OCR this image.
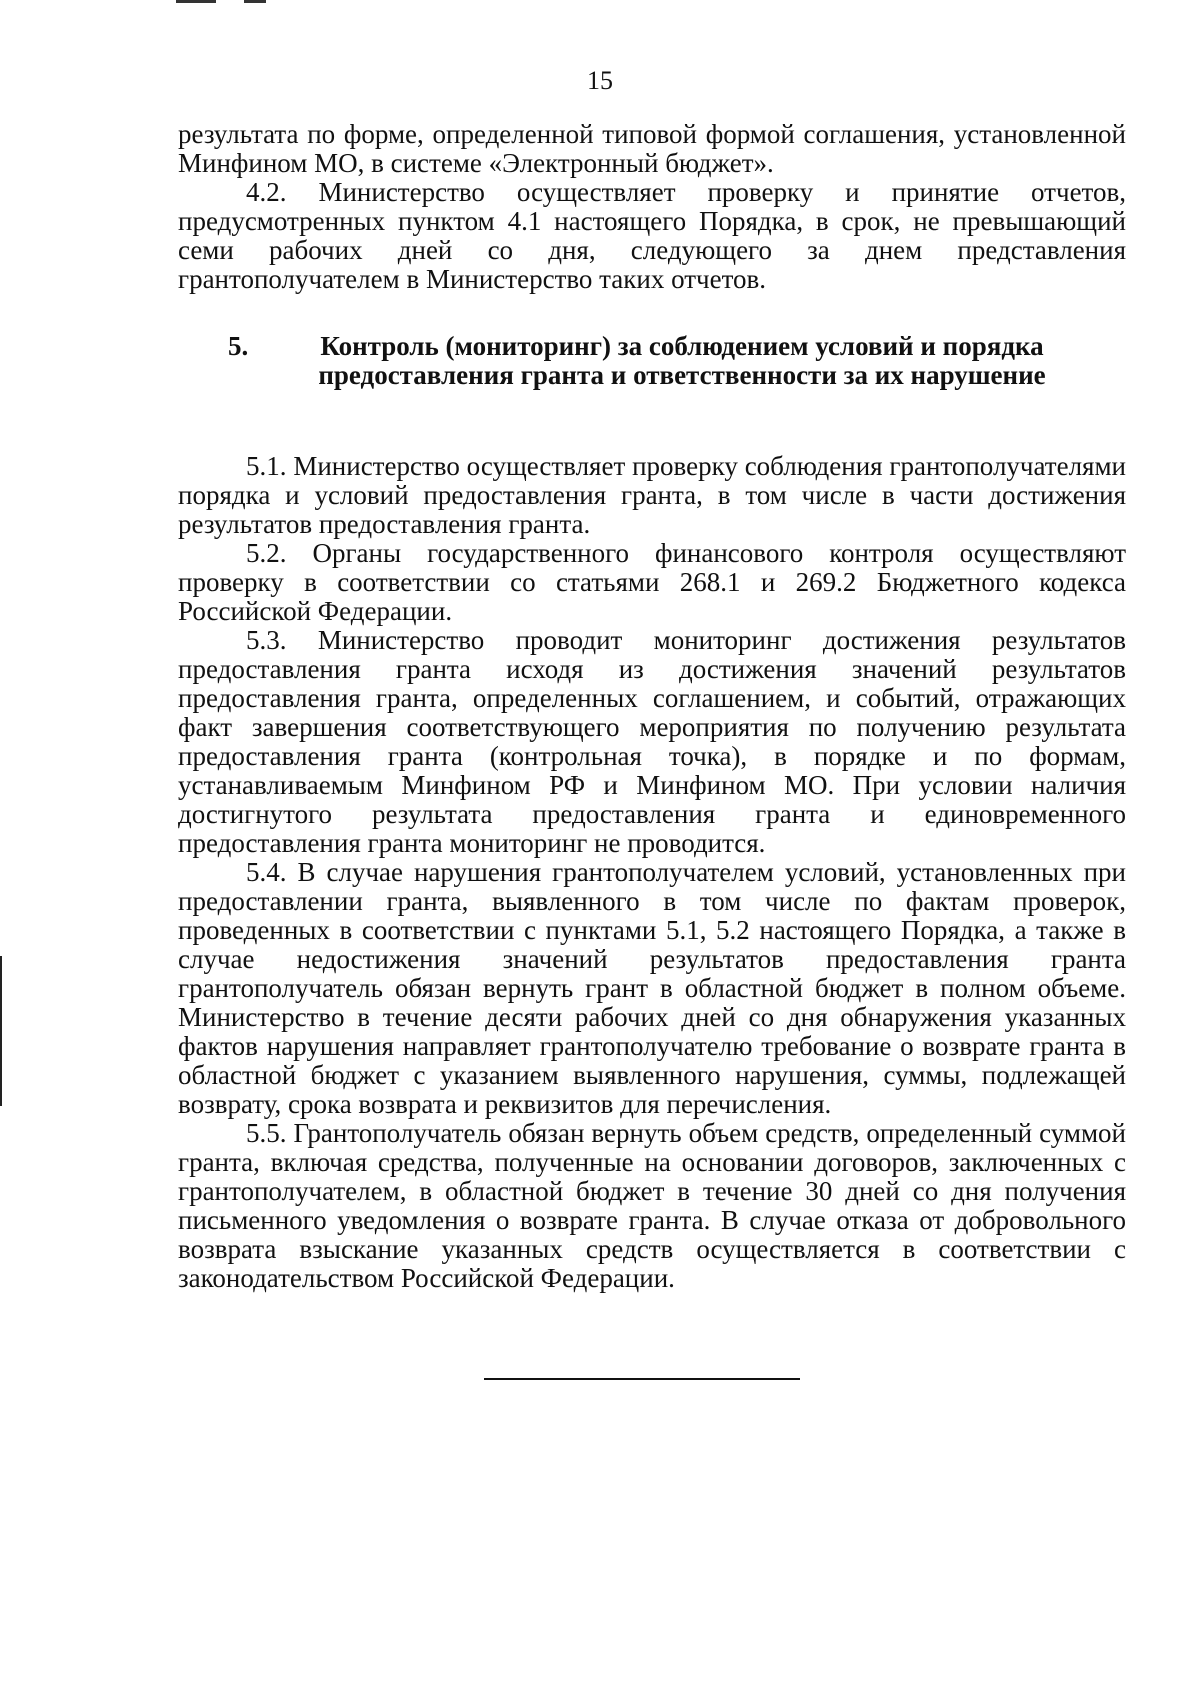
15

результата по форме, определенной типовой формой соглашения, установленной Минфином МО, в системе «Электронный бюджет».

4.2. Министерство осуществляет проверку и принятие отчетов, предусмотренных пунктом 4.1 настоящего Порядка, в срок, не превышающий семи рабочих дней со дня, следующего за днем представления грантополучателем в Министерство таких отчетов.

5.	Контроль (мониторинг) за соблюдением условий и порядка предоставления гранта и ответственности за их нарушение

5.1. Министерство осуществляет проверку соблюдения грантополучателями порядка и условий предоставления гранта, в том числе в части достижения результатов предоставления гранта.

5.2. Органы государственного финансового контроля осуществляют проверку в соответствии со статьями 268.1 и 269.2 Бюджетного кодекса Российской Федерации.

5.3. Министерство проводит мониторинг достижения результатов предоставления гранта исходя из достижения значений результатов предоставления гранта, определенных соглашением, и событий, отражающих факт завершения соответствующего мероприятия по получению результата предоставления гранта (контрольная точка), в порядке и по формам, устанавливаемым Минфином РФ и Минфином МО. При условии наличия достигнутого результата предоставления гранта и единовременного предоставления гранта мониторинг не проводится.

5.4. В случае нарушения грантополучателем условий, установленных при предоставлении гранта, выявленного в том числе по фактам проверок, проведенных в соответствии с пунктами 5.1, 5.2 настоящего Порядка, а также в случае недостижения значений результатов предоставления гранта грантополучатель обязан вернуть грант в областной бюджет в полном объеме. Министерство в течение десяти рабочих дней со дня обнаружения указанных фактов нарушения направляет грантополучателю требование о возврате гранта в областной бюджет с указанием выявленного нарушения, суммы, подлежащей возврату, срока возврата и реквизитов для перечисления.

5.5. Грантополучатель обязан вернуть объем средств, определенный суммой гранта, включая средства, полученные на основании договоров, заключенных с грантополучателем, в областной бюджет в течение 30 дней со дня получения письменного уведомления о возврате гранта. В случае отказа от добровольного возврата взыскание указанных средств осуществляется в соответствии с законодательством Российской Федерации.
